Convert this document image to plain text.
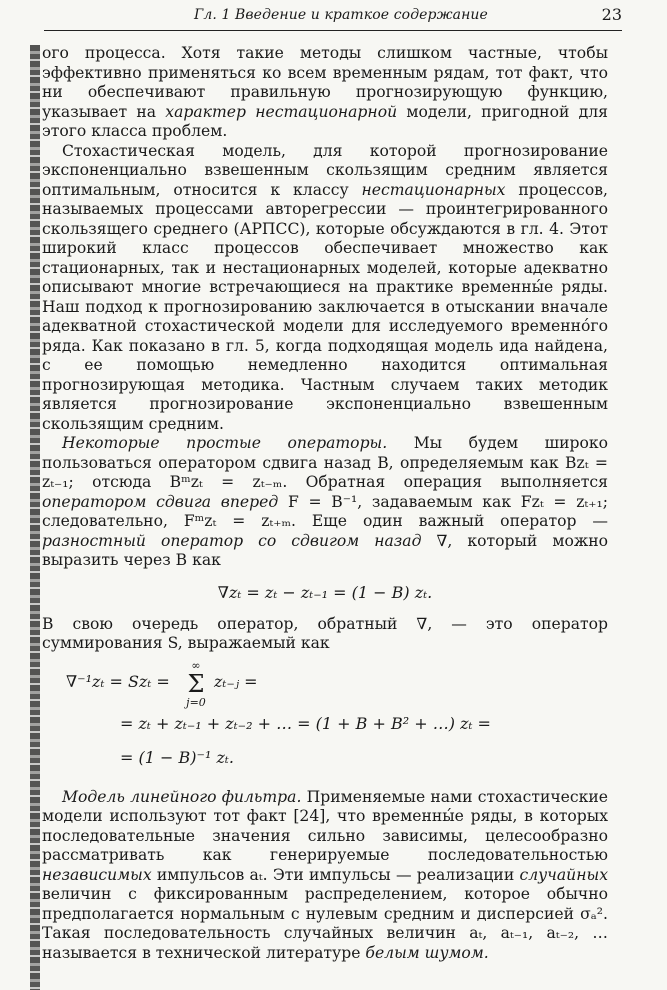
Гл. 1 Введение и краткое содержание	23

ого процесса. Хотя такие методы слишком частные, чтобы эффективно применяться ко всем временным рядам, тот факт, что ни обеспечивают правильную прогнозирующую функцию, указывает на характер нестационарной модели, пригодной для этого класса проблем.

Стохастическая модель, для которой прогнозирование экспоненциально взвешенным скользящим средним является оптимальным, относится к классу нестационарных процессов, называемых процессами авторегрессии — проинтегрированного скользящего среднего (АРПСС), которые обсуждаются в гл. 4. Этот широкий класс процессов обеспечивает множество как стационарных, так и нестационарных моделей, которые адекватно описывают многие встречающиеся на практике временны́е ряды. Наш подход к прогнозированию заключается в отыскании вначале адекватной стохастической модели для исследуемого временно́го ряда. Как показано в гл. 5, когда подходящая модель ида найдена, с ее помощью немедленно находится оптимальная прогнозирующая методика. Частным случаем таких методик является прогнозирование экспоненциально взвешенным скользящим средним.

Некоторые простые операторы. Мы будем широко пользоваться оператором сдвига назад B, определяемым как Bzₜ = zₜ₋₁; отсюда Bᵐzₜ = zₜ₋ₘ. Обратная операция выполняется оператором сдвига вперед F = B⁻¹, задаваемым как Fzₜ = zₜ₊₁; следовательно, Fᵐzₜ = zₜ₊ₘ. Еще один важный оператор — разностный оператор со сдвигом назад ∇, который можно выразить через B как

∇zₜ = zₜ − zₜ₋₁ = (1 − B) zₜ.

В свою очередь оператор, обратный ∇, — это оператор суммирования S, выражаемый как

∇⁻¹zₜ = Szₜ =
∞
Σ
j=0
zₜ₋ⱼ =
= zₜ + zₜ₋₁ + zₜ₋₂ + … = (1 + B + B² + …) zₜ =
= (1 − B)⁻¹ zₜ.

Модель линейного фильтра. Применяемые нами стохастические модели используют тот факт [24], что временны́е ряды, в которых последовательные значения сильно зависимы, целесообразно рассматривать как генерируемые последовательностью независимых импульсов aₜ. Эти импульсы — реализации случайных величин с фиксированным распределением, которое обычно предполагается нормальным с нулевым средним и дисперсией σₐ². Такая последовательность случайных величин aₜ, aₜ₋₁, aₜ₋₂, … называется в технической литературе белым шумом.
